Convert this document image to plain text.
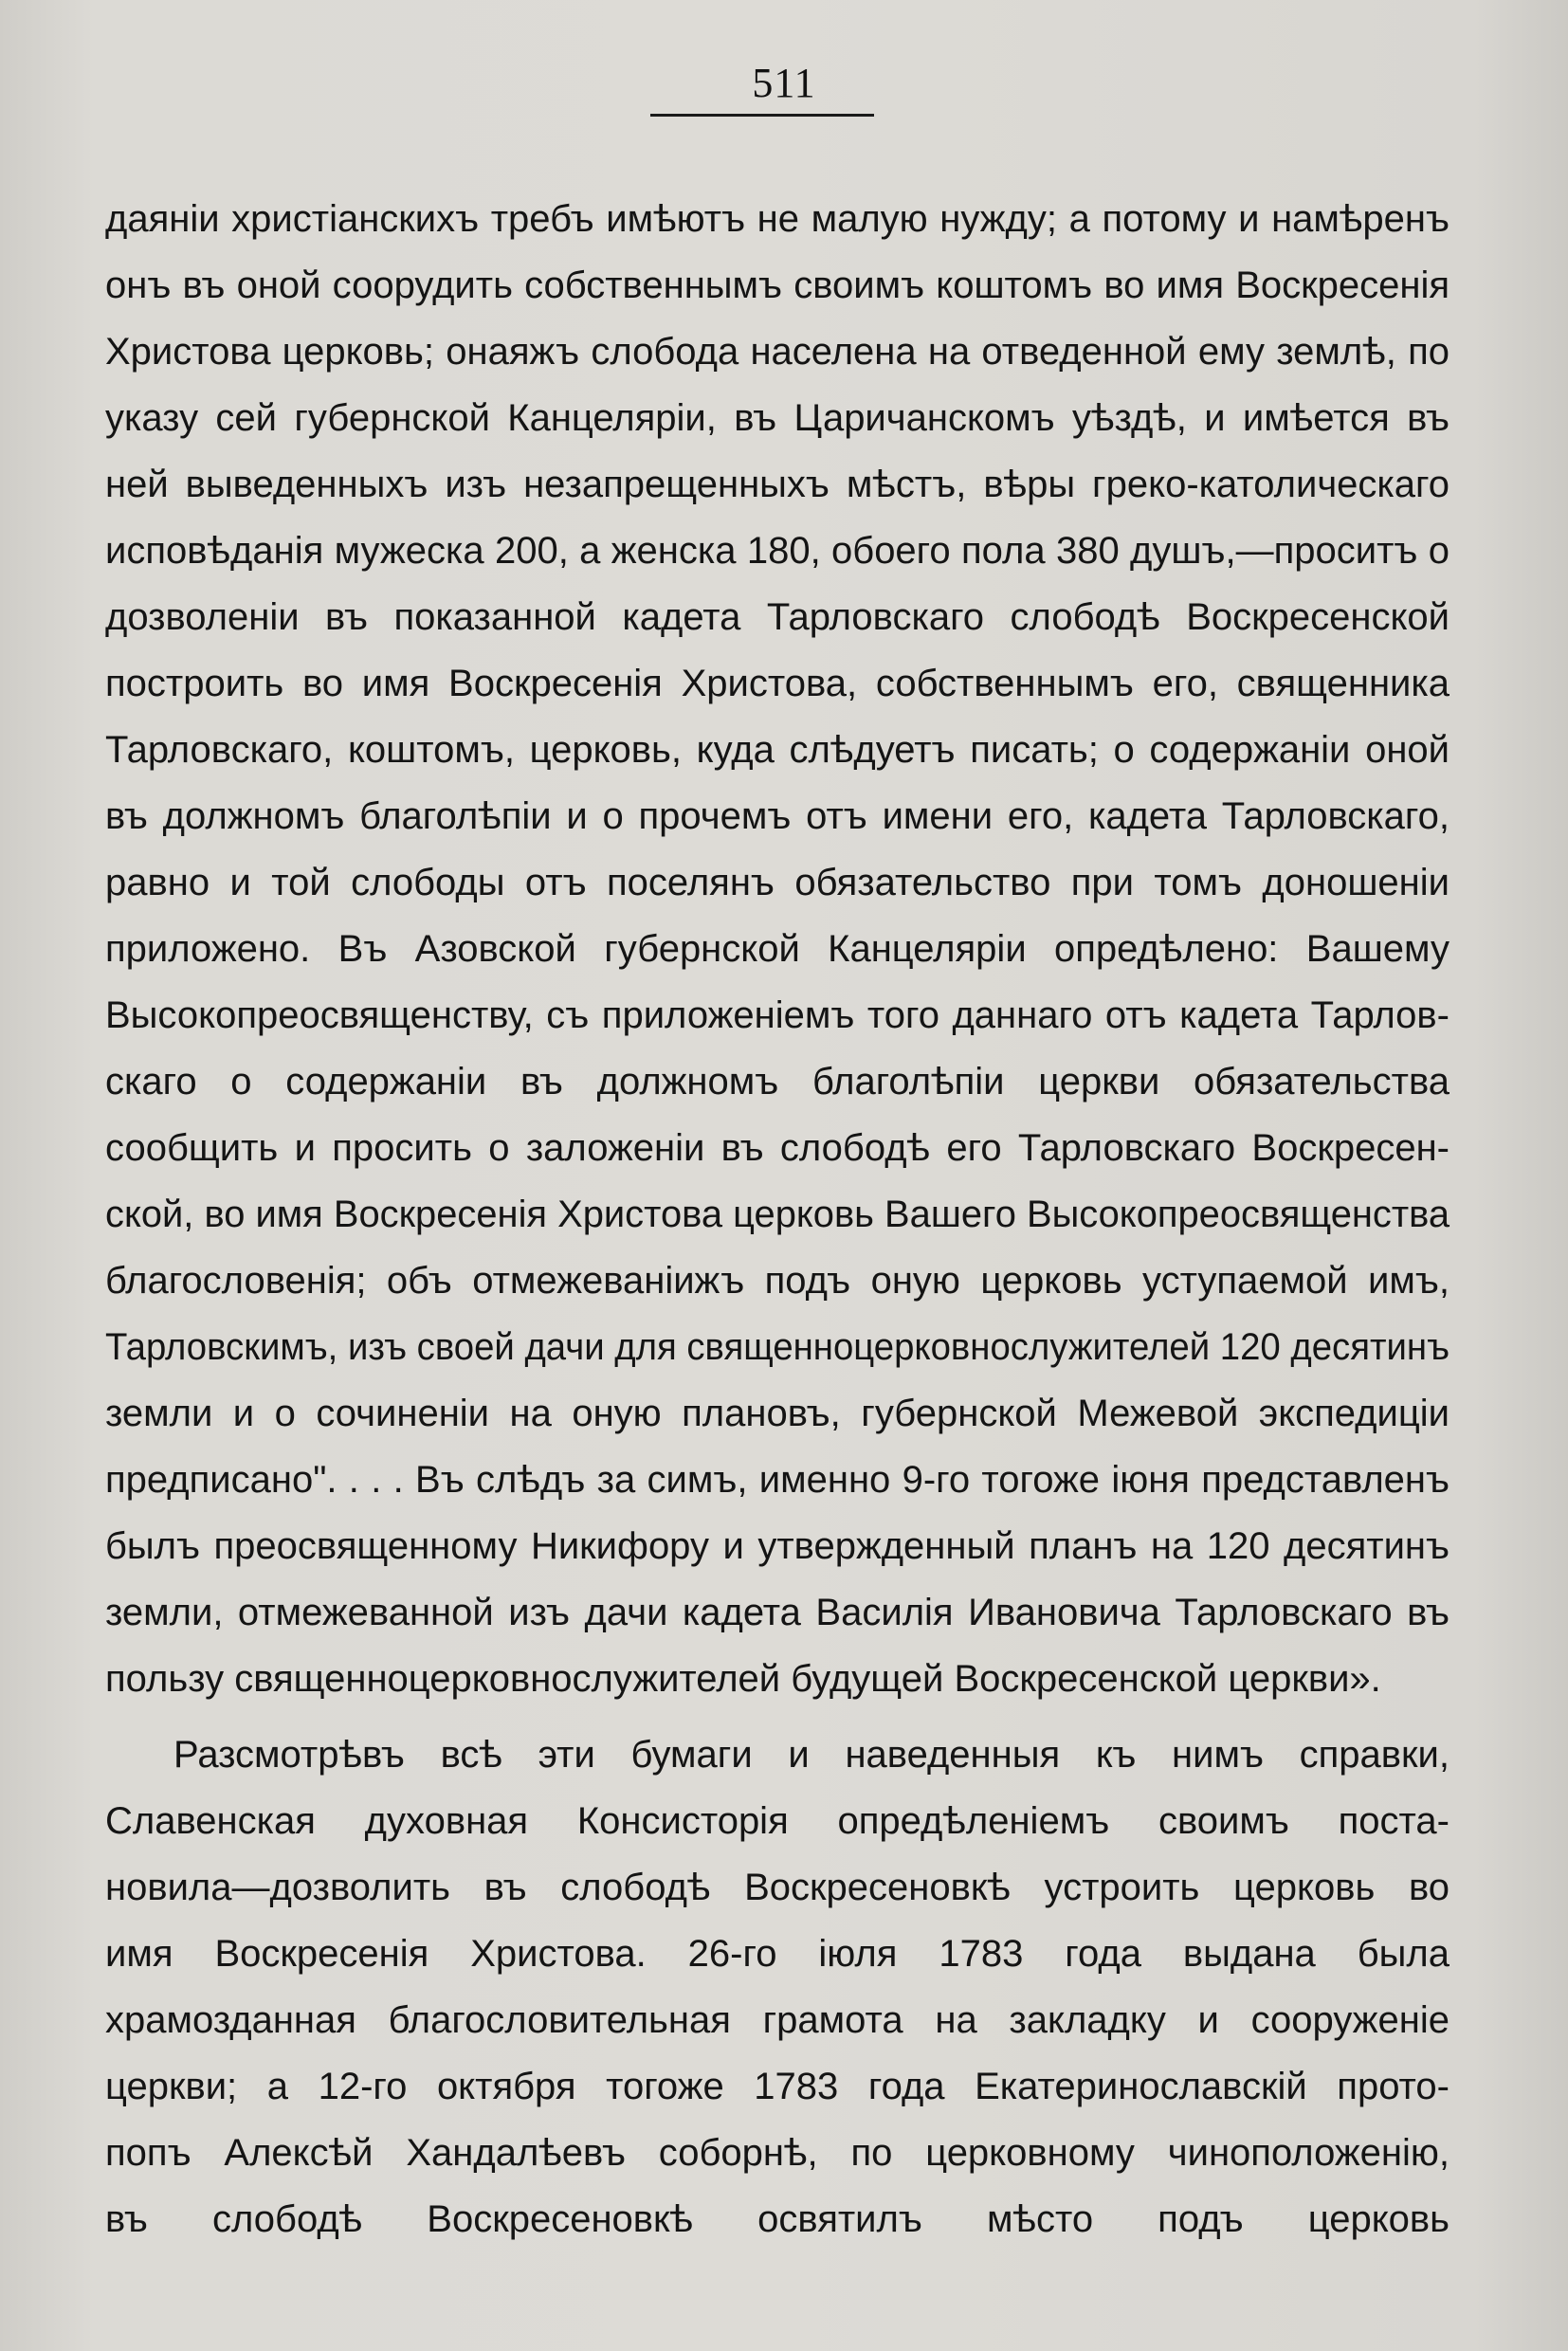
511
даяніи христіанскихъ требъ имѣютъ не малую нужду; а потому и намѣренъ
онъ въ оной соорудить собственнымъ своимъ коштомъ во имя Воскресенія
Христова церковь; онаяжъ слобода населена на отведенной ему землѣ, по
указу сей губернской Канцеляріи, въ Царичанскомъ уѣздѣ, и имѣется въ
ней выведенныхъ изъ незапрещенныхъ мѣстъ, вѣры греко-католическаго
исповѣданія мужеска 200, а женска 180, обоего пола 380 душъ,—проситъ о
дозволеніи въ показанной кадета Тарловскаго слободѣ Воскресенской
построить во имя Воскресенія Христова, собственнымъ его, священника
Тарловскаго, коштомъ, церковь, куда слѣдуетъ писать; о содержаніи оной
въ должномъ благолѣпіи и о прочемъ отъ имени его, кадета Тарловскаго,
равно и той слободы отъ поселянъ обязательство при томъ доношеніи
приложено. Въ Азовской губернской Канцеляріи опредѣлено: Вашему
Высокопреосвященству, съ приложеніемъ того даннаго отъ кадета Тарлов-
скаго о содержаніи въ должномъ благолѣпіи церкви обязательства
сообщить и просить о заложеніи въ слободѣ его Тарловскаго Воскресен-
ской, во имя Воскресенія Христова церковь Вашего Высокопреосвященства
благословенія; объ отмежеваніижъ подъ оную церковь уступаемой имъ,
Тарловскимъ, изъ своей дачи для священноцерковнослужителей 120 десятинъ
земли и о сочиненіи на оную плановъ, губернской Межевой экспедиціи
предписано". . . . Въ слѣдъ за симъ, именно 9-го тогоже іюня представленъ
былъ преосвященному Никифору и утвержденный планъ на 120 десятинъ
земли, отмежеванной изъ дачи кадета Василія Ивановича Тарловскаго въ
пользу священноцерковнослужителей будущей Воскресенской церкви».
Разсмотрѣвъ всѣ эти бумаги и наведенныя къ нимъ справки,
Славенская духовная Консисторія опредѣленіемъ своимъ поста-
новила—дозволить въ слободѣ Воскресеновкѣ устроить церковь во
имя Воскресенія Христова. 26-го іюля 1783 года выдана была
храмозданная благословительная грамота на закладку и сооруженіе
церкви; а 12-го октября тогоже 1783 года Екатеринославскій прото-
попъ Алексѣй Хандалѣевъ соборнѣ, по церковному чиноположенію,
въ слободѣ Воскресеновкѣ освятилъ мѣсто подъ церковь
